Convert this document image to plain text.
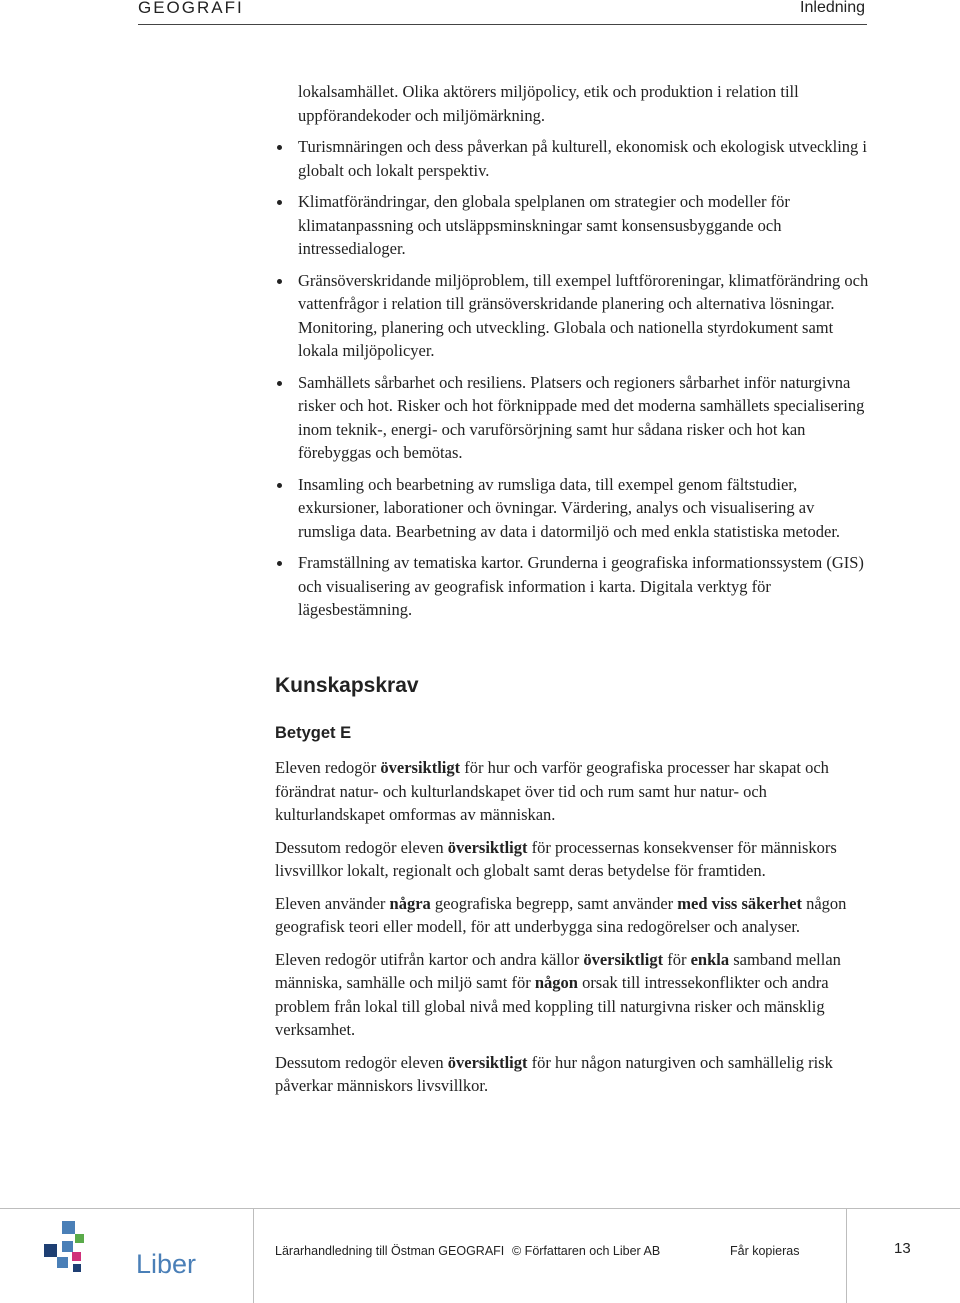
GEOGRAFI	Inledning
lokalsamhället. Olika aktörers miljöpolicy, etik och produktion i relation till uppförandekoder och miljömärkning.
Turismnäringen och dess påverkan på kulturell, ekonomisk och ekologisk utveckling i globalt och lokalt perspektiv.
Klimatförändringar, den globala spelplanen om strategier och modeller för klimatanpassning och utsläppsminskningar samt konsensusbyggande och intressedialoger.
Gränsöverskridande miljöproblem, till exempel luftföroreningar, klimatförändring och vattenfrågor i relation till gränsöverskridande planering och alternativa lösningar. Monitoring, planering och utveckling. Globala och nationella styrdokument samt lokala miljöpolicyer.
Samhällets sårbarhet och resiliens. Platsers och regioners sårbarhet inför naturgivna risker och hot. Risker och hot förknippade med det moderna samhällets specialisering inom teknik-, energi- och varuförsörjning samt hur sådana risker och hot kan förebyggas och bemötas.
Insamling och bearbetning av rumsliga data, till exempel genom fältstudier, exkursioner, laborationer och övningar. Värdering, analys och visualisering av rumsliga data. Bearbetning av data i datormiljö och med enkla statistiska metoder.
Framställning av tematiska kartor. Grunderna i geografiska informationssystem (GIS) och visualisering av geografisk information i karta. Digitala verktyg för lägesbestämning.
Kunskapskrav
Betyget E

Eleven redogör översiktligt för hur och varför geografiska processer har skapat och förändrat natur- och kulturlandskapet över tid och rum samt hur natur- och kulturlandskapet omformas av människan.

Dessutom redogör eleven översiktligt för processernas konsekvenser för människors livsvillkor lokalt, regionalt och globalt samt deras betydelse för framtiden.

Eleven använder några geografiska begrepp, samt använder med viss säkerhet någon geografisk teori eller modell, för att underbygga sina redogörelser och analyser.

Eleven redogör utifrån kartor och andra källor översiktligt för enkla samband mellan människa, samhälle och miljö samt för någon orsak till intressekonflikter och andra problem från lokal till global nivå med koppling till naturgivna risker och mänsklig verksamhet.

Dessutom redogör eleven översiktligt för hur någon naturgiven och samhällelig risk påverkar människors livsvillkor.

Liber	Lärarhandledning till Östman GEOGRAFI © Författaren och Liber AB	Får kopieras	13
